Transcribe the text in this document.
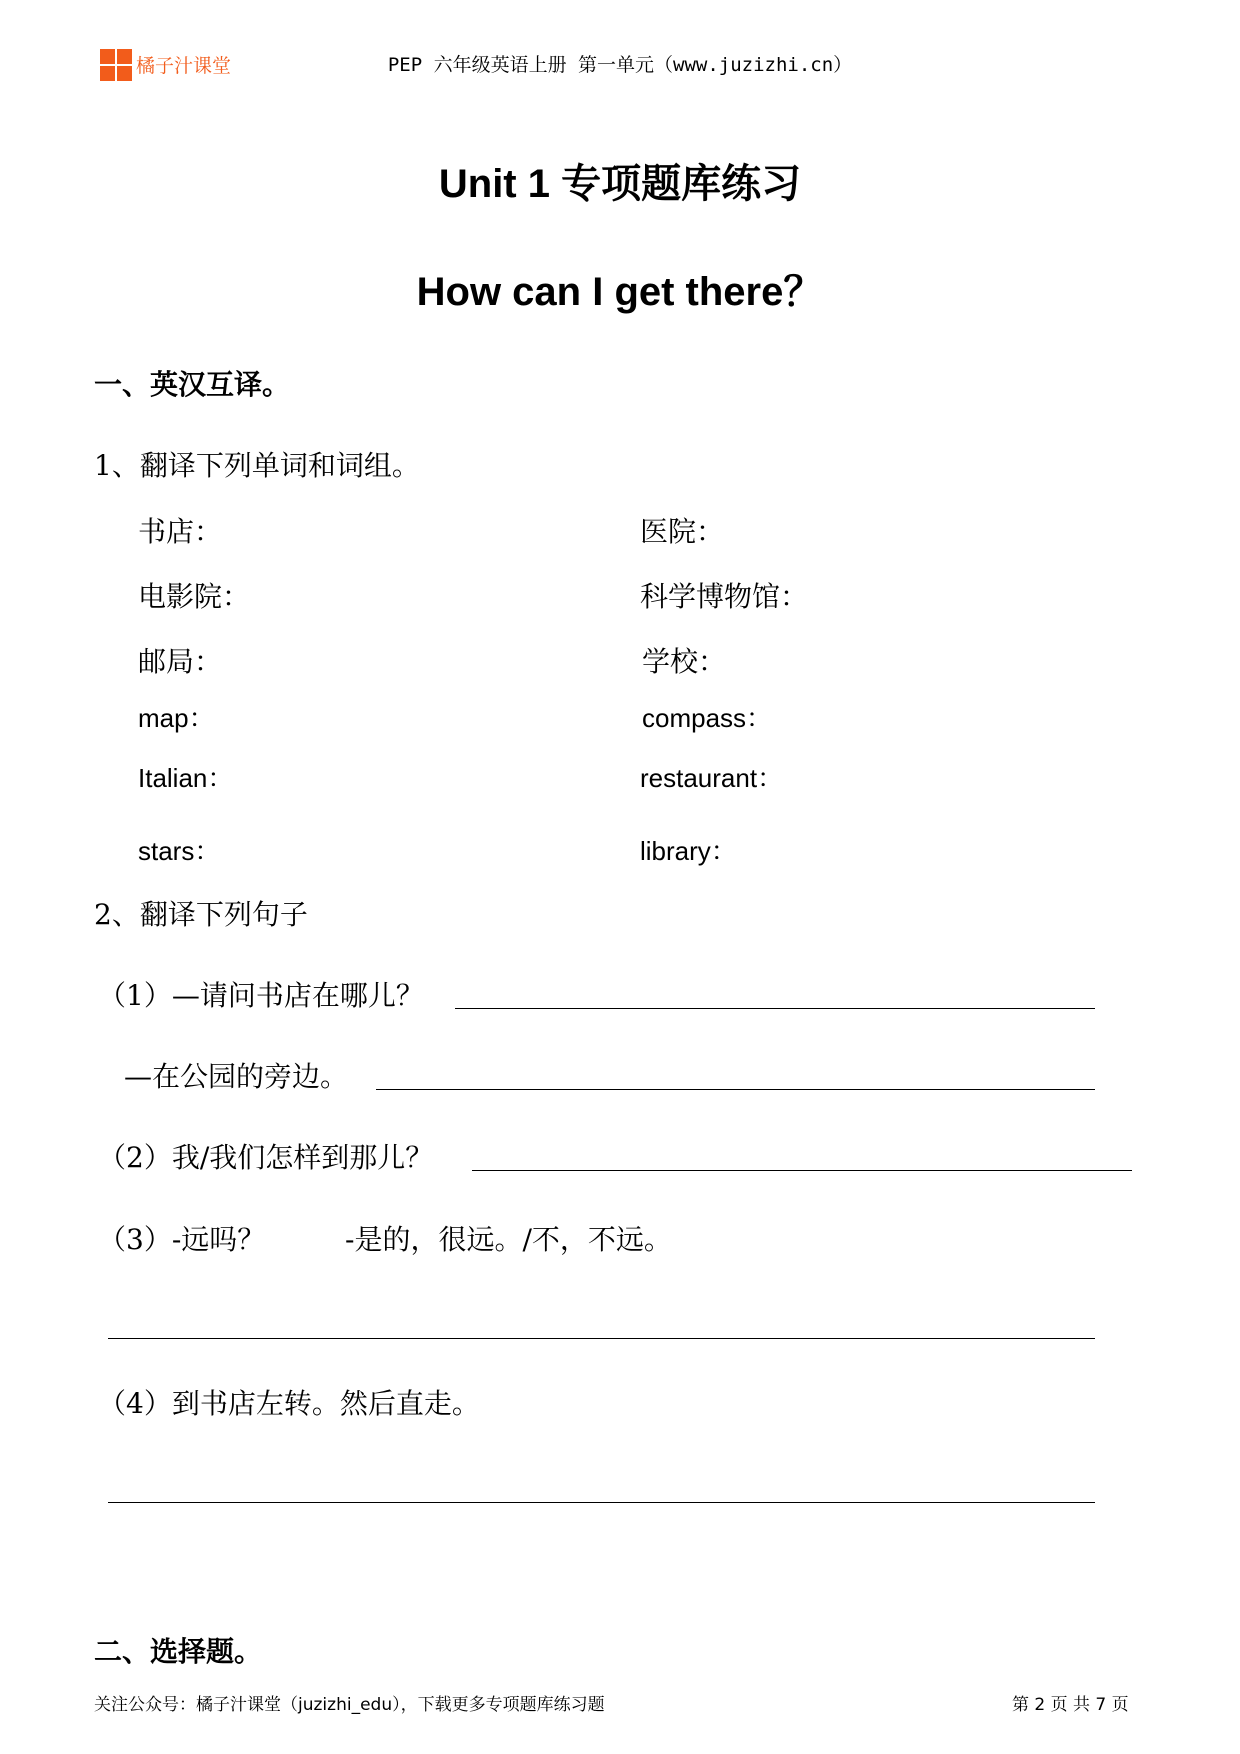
橘子汁课堂	PEP 六年级英语上册 第一单元（www.juzizhi.cn）
Unit 1 专项题库练习
How can I get there？
一、英汉互译。
1、翻译下列单词和词组。
书店：	医院：
电影院：	科学博物馆：
邮局：	学校：
map：	compass：
Italian：	restaurant：
stars：	library：
2、翻译下列句子
（1）—请问书店在哪儿？
—在公园的旁边。
（2）我/我们怎样到那儿？
（3）-远吗？	-是的，很远。/不，不远。
（4）到书店左转。然后直走。
二、选择题。
关注公众号：橘子汁课堂（juzizhi_edu），下载更多专项题库练习题	第 2 页 共 7 页
